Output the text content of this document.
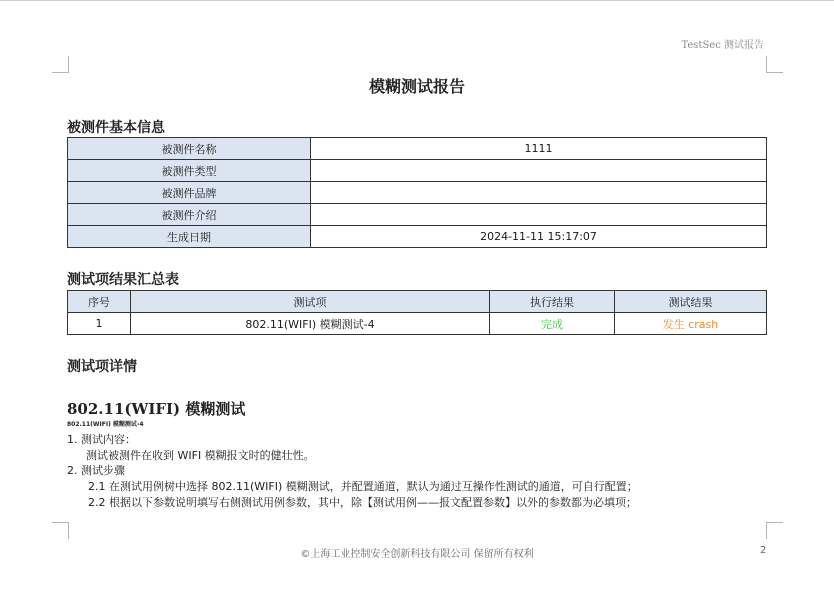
TestSec 测试报告
模糊测试报告
被测件基本信息
被测件名称	1111
被测件类型	
被测件品牌	
被测件介绍	
生成日期	2024-11-11 15:17:07
测试项结果汇总表
序号	测试项	执行结果	测试结果
1	802.11(WIFI) 模糊测试-4	完成	发生 crash
测试项详情
802.11(WIFI) 模糊测试
802.11(WIFI) 模糊测试-4
1. 测试内容：
测试被测件在收到 WIFI 模糊报文时的健壮性。
2. 测试步骤
2.1 在测试用例树中选择 802.11(WIFI) 模糊测试，并配置通道，默认为通过互操作性测试的通道，可自行配置；
2.2 根据以下参数说明填写右侧测试用例参数，其中，除【测试用例——报文配置参数】以外的参数都为必填项；
©上海工业控制安全创新科技有限公司 保留所有权利	2
